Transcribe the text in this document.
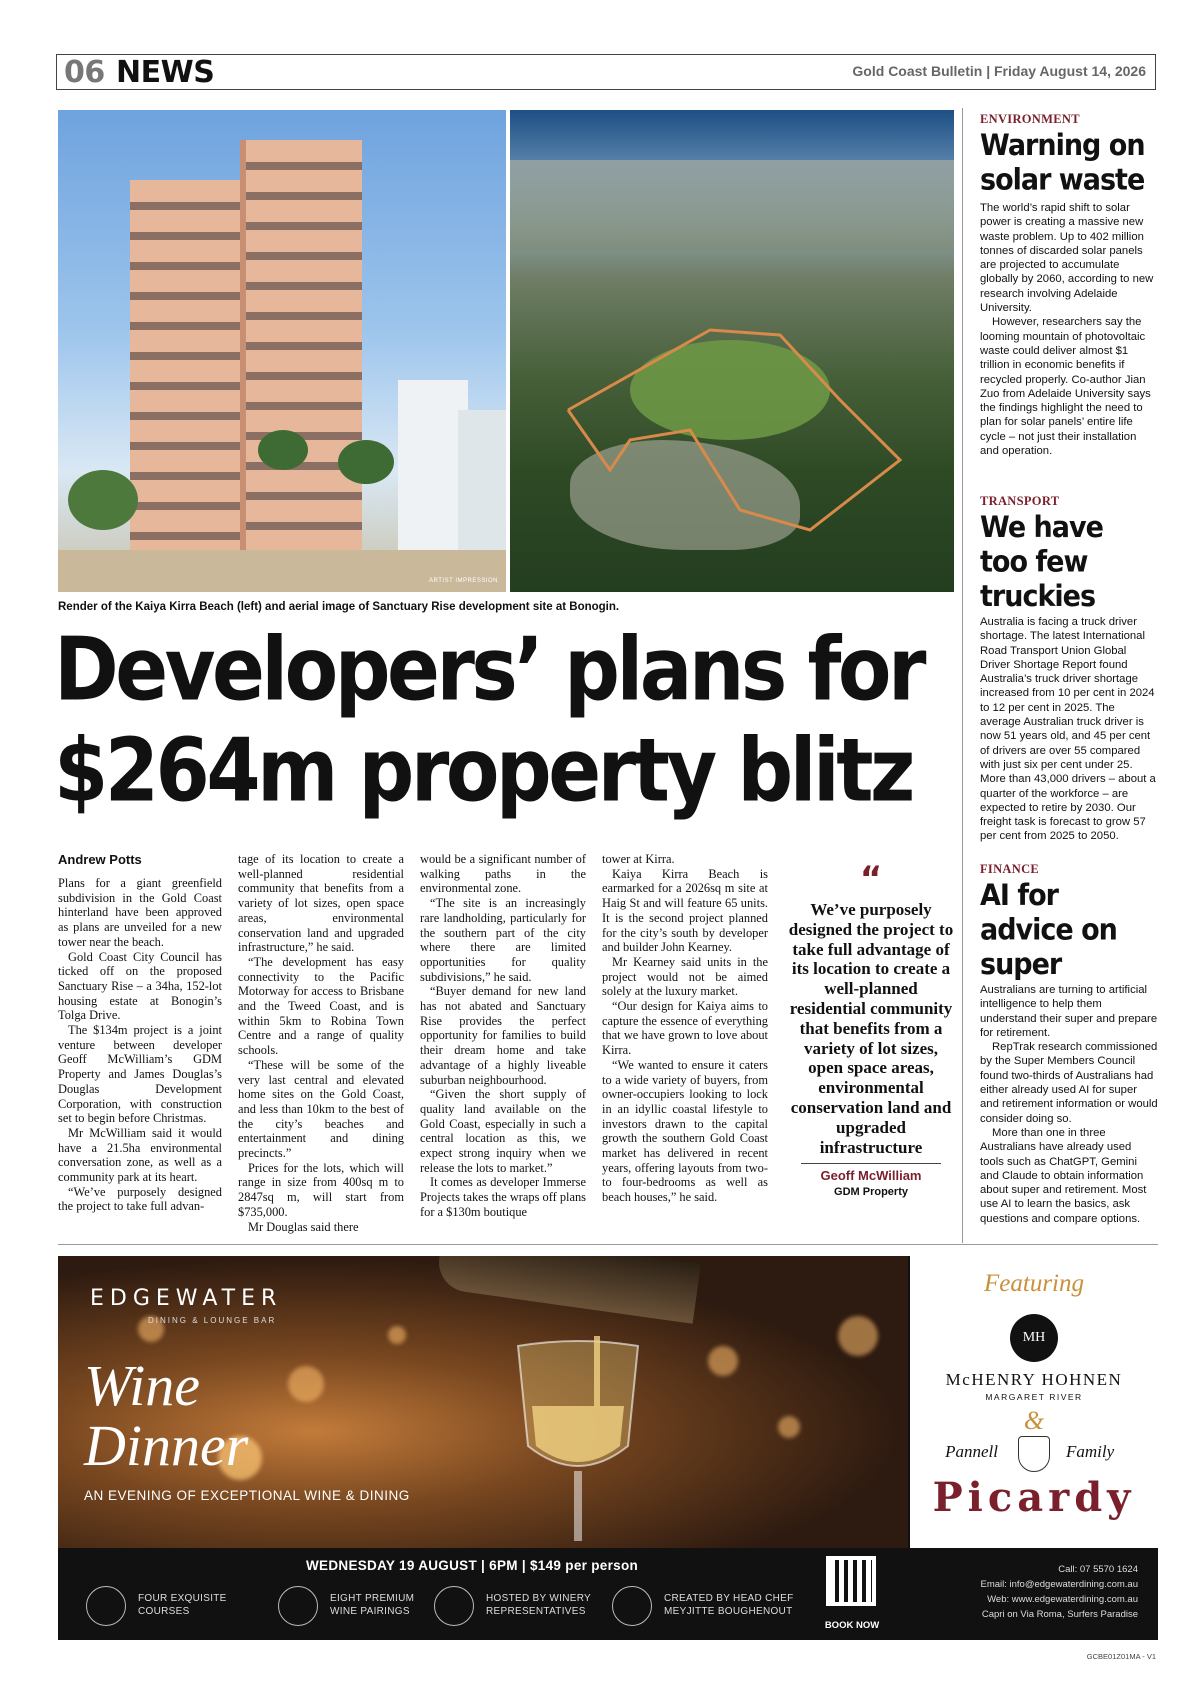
06 NEWS	Gold Coast Bulletin | Friday August 14, 2026
ARTIST IMPRESSION
Render of the Kaiya Kirra Beach (left) and aerial image of Sanctuary Rise development site at Bonogin.
Developers’ plans for
$264m property blitz
Andrew Potts

Plans for a giant greenfield subdivision in the Gold Coast hinterland have been approved as plans are unveiled for a new tower near the beach.

Gold Coast City Council has ticked off on the proposed Sanctuary Rise – a 34ha, 152-lot housing estate at Bonogin’s Tolga Drive.

The $134m project is a joint venture between developer Geoff McWilliam’s GDM Property and James Douglas’s Douglas Development Corporation, with construction set to begin before Christmas.

Mr McWilliam said it would have a 21.5ha environmental conversation zone, as well as a community park at its heart.

“We’ve purposely designed the project to take full advan-

tage of its location to create a well-planned residential community that benefits from a variety of lot sizes, open space areas, environmental conservation land and upgraded infrastructure,” he said.

“The development has easy connectivity to the Pacific Motorway for access to Brisbane and the Tweed Coast, and is within 5km to Robina Town Centre and a range of quality schools.

“These will be some of the very last central and elevated home sites on the Gold Coast, and less than 10km to the best of the city’s beaches and entertainment and dining precincts.”

Prices for the lots, which will range in size from 400sq m to 2847sq m, will start from $735,000.

Mr Douglas said there

would be a significant number of walking paths in the environmental zone.

“The site is an increasingly rare landholding, particularly for the southern part of the city where there are limited opportunities for quality subdivisions,” he said.

“Buyer demand for new land has not abated and Sanctuary Rise provides the perfect opportunity for families to build their dream home and take advantage of a highly liveable suburban neighbourhood.

“Given the short supply of quality land available on the Gold Coast, especially in such a central location as this, we expect strong inquiry when we release the lots to market.”

It comes as developer Immerse Projects takes the wraps off plans for a $130m boutique

tower at Kirra.

Kaiya Kirra Beach is earmarked for a 2026sq m site at Haig St and will feature 65 units. It is the second project planned for the city’s south by developer and builder John Kearney.

Mr Kearney said units in the project would not be aimed solely at the luxury market.

“Our design for Kaiya aims to capture the essence of everything that we have grown to love about Kirra.

“We wanted to ensure it caters to a wide variety of buyers, from owner-occupiers looking to lock in an idyllic coastal lifestyle to investors drawn to the capital growth the southern Gold Coast market has delivered in recent years, offering layouts from two- to four-bedrooms as well as beach houses,” he said.

“
We’ve purposely designed the project to take full advantage of its location to create a well-planned residential community that benefits from a variety of lot sizes, open space areas, environmental conservation land and upgraded infrastructure
Geoff McWilliam
GDM Property
ENVIRONMENT
Warning on solar waste

The world’s rapid shift to solar power is creating a massive new waste problem. Up to 402 million tonnes of discarded solar panels are projected to accumulate globally by 2060, according to new research involving Adelaide University.

However, researchers say the looming mountain of photovoltaic waste could deliver almost $1 trillion in economic benefits if recycled properly. Co-author Jian Zuo from Adelaide University says the findings highlight the need to plan for solar panels’ entire life cycle – not just their installation and operation.

TRANSPORT
We have too few truckies

Australia is facing a truck driver shortage. The latest International Road Transport Union Global Driver Shortage Report found Australia’s truck driver shortage increased from 10 per cent in 2024 to 12 per cent in 2025. The average Australian truck driver is now 51 years old, and 45 per cent of drivers are over 55 compared with just six per cent under 25. More than 43,000 drivers – about a quarter of the workforce – are expected to retire by 2030. Our freight task is forecast to grow 57 per cent from 2025 to 2050.

FINANCE
AI for advice on super

Australians are turning to artificial intelligence to help them understand their super and prepare for retirement.

RepTrak research commissioned by the Super Members Council found two-thirds of Australians had either already used AI for super and retirement information or would consider doing so.

More than one in three Australians have already used tools such as ChatGPT, Gemini and Claude to obtain information about super and retirement. Most use AI to learn the basics, ask questions and compare options.

EDGEWATER
DINING & LOUNGE BAR
Wine
Dinner
AN EVENING OF EXCEPTIONAL WINE & DINING
Featuring
MH
McHENRY HOHNEN
MARGARET RIVER
&
Pannell	Family
Picardy
WEDNESDAY 19 AUGUST | 6PM | $149 per person
FOUR EXQUISITE
COURSES
EIGHT PREMIUM
WINE PAIRINGS
HOSTED BY WINERY
REPRESENTATIVES
CREATED BY HEAD CHEF
MEYJITTE BOUGHENOUT
BOOK NOW
Call: 07 5570 1624
Email: info@edgewaterdining.com.au
Web: www.edgewaterdining.com.au
Capri on Via Roma, Surfers Paradise
GCBE01Z01MA - V1
